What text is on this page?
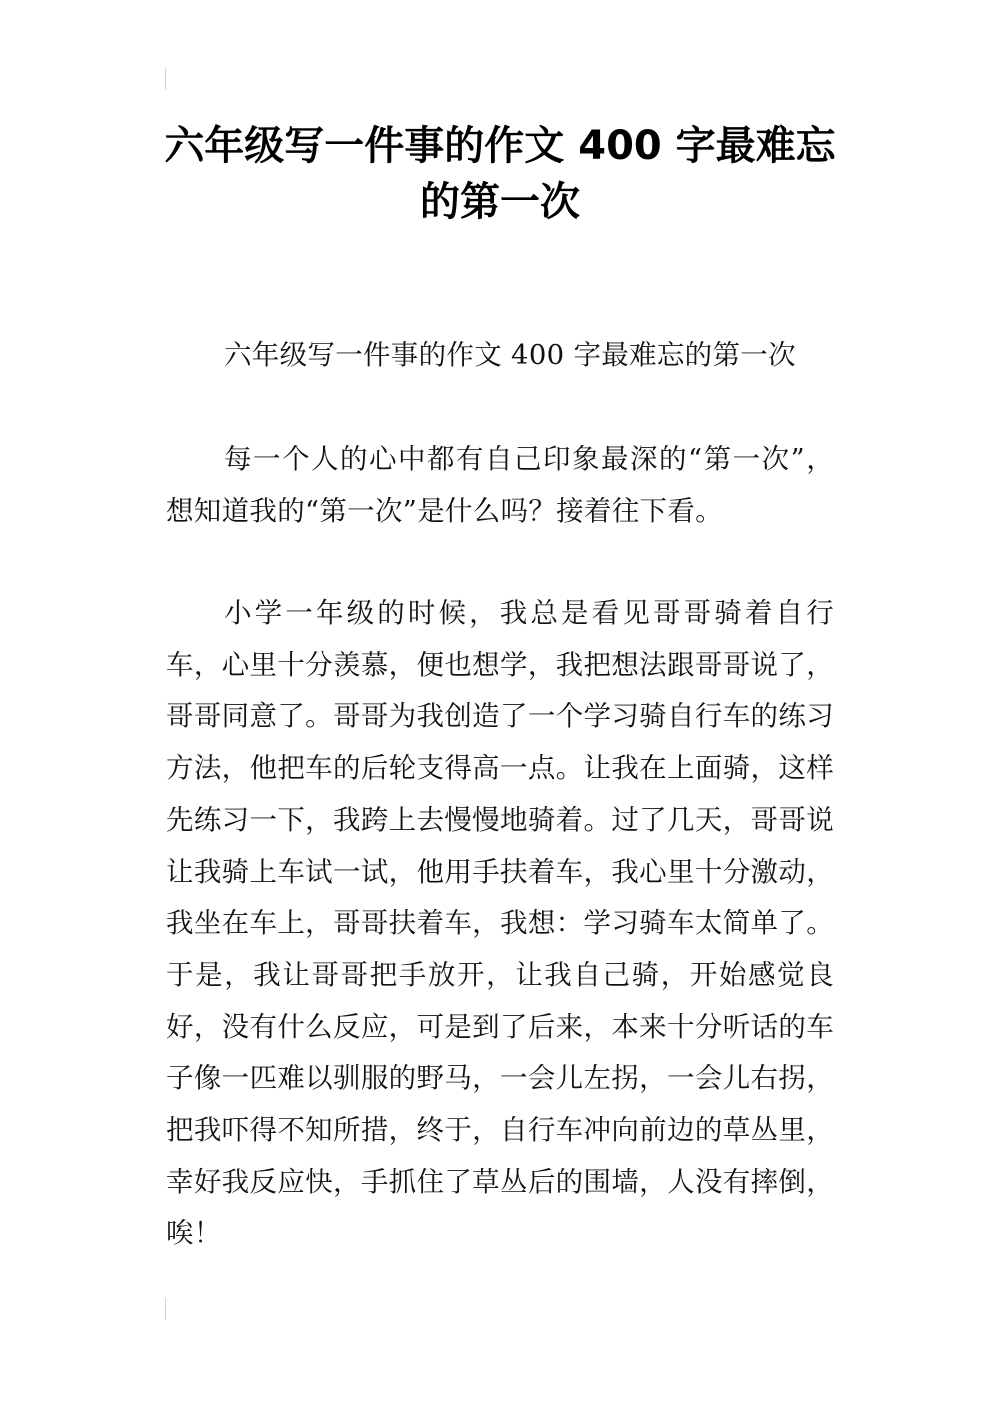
六年级写一件事的作文 400 字最难忘
的第一次

六年级写一件事的作文 400 字最难忘的第一次

每一个人的心中都有自己印象最深的“第一次”，想知道我的“第一次”是什么吗？接着往下看。

小学一年级的时候，我总是看见哥哥骑着自行车，心里十分羡慕，便也想学，我把想法跟哥哥说了，哥哥同意了。哥哥为我创造了一个学习骑自行车的练习方法，他把车的后轮支得高一点。让我在上面骑，这样先练习一下，我跨上去慢慢地骑着。过了几天，哥哥说让我骑上车试一试，他用手扶着车，我心里十分激动，我坐在车上，哥哥扶着车，我想：学习骑车太简单了。于是，我让哥哥把手放开，让我自己骑，开始感觉良好，没有什么反应，可是到了后来，本来十分听话的车子像一匹难以驯服的野马，一会儿左拐，一会儿右拐，把我吓得不知所措，终于，自行车冲向前边的草丛里，幸好我反应快，手抓住了草丛后的围墙，人没有摔倒，唉！
